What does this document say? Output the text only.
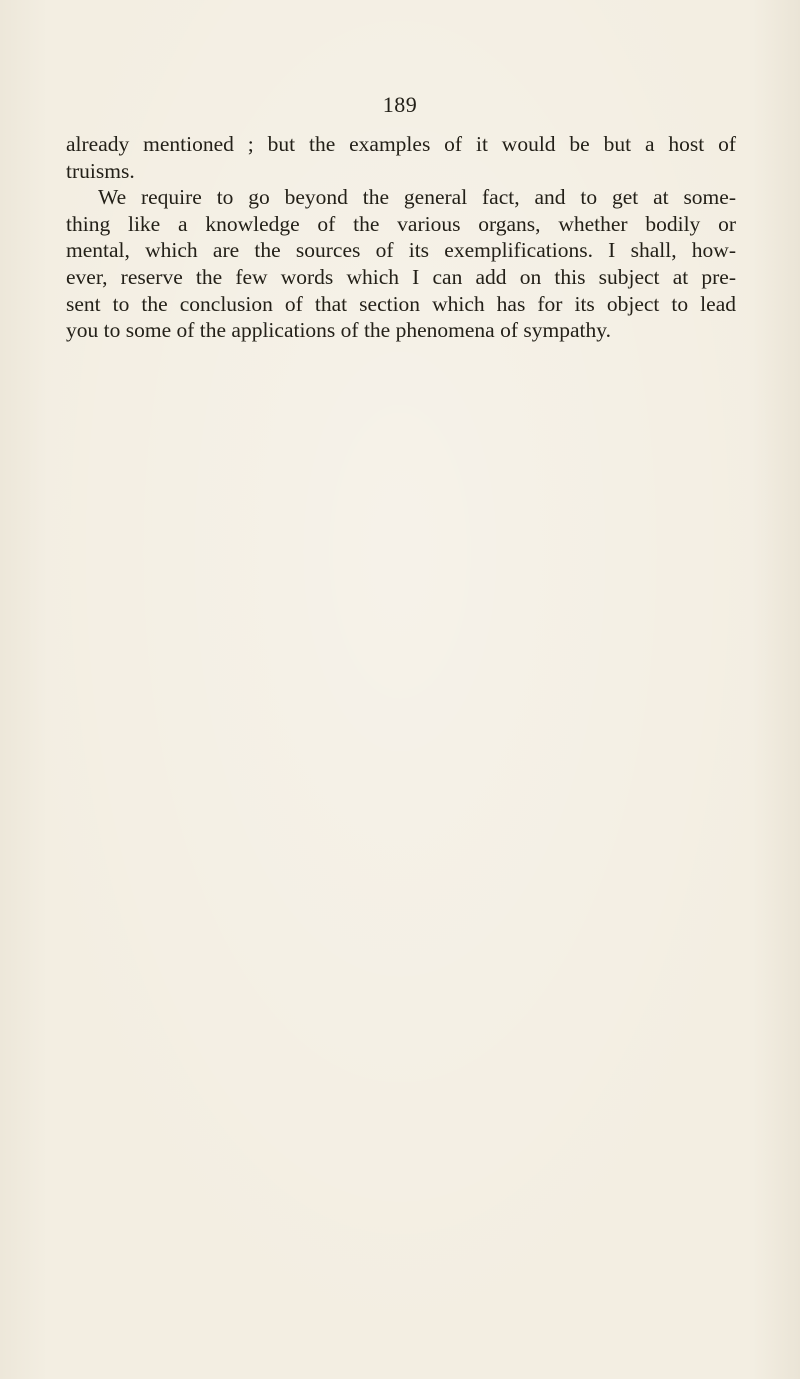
189
already mentioned ; but the examples of it would be but a host of
truisms.
We require to go beyond the general fact, and to get at some-
thing like a knowledge of the various organs, whether bodily or
mental, which are the sources of its exemplifications. I shall, how-
ever, reserve the few words which I can add on this subject at pre-
sent to the conclusion of that section which has for its object to lead
you to some of the applications of the phenomena of sympathy.
